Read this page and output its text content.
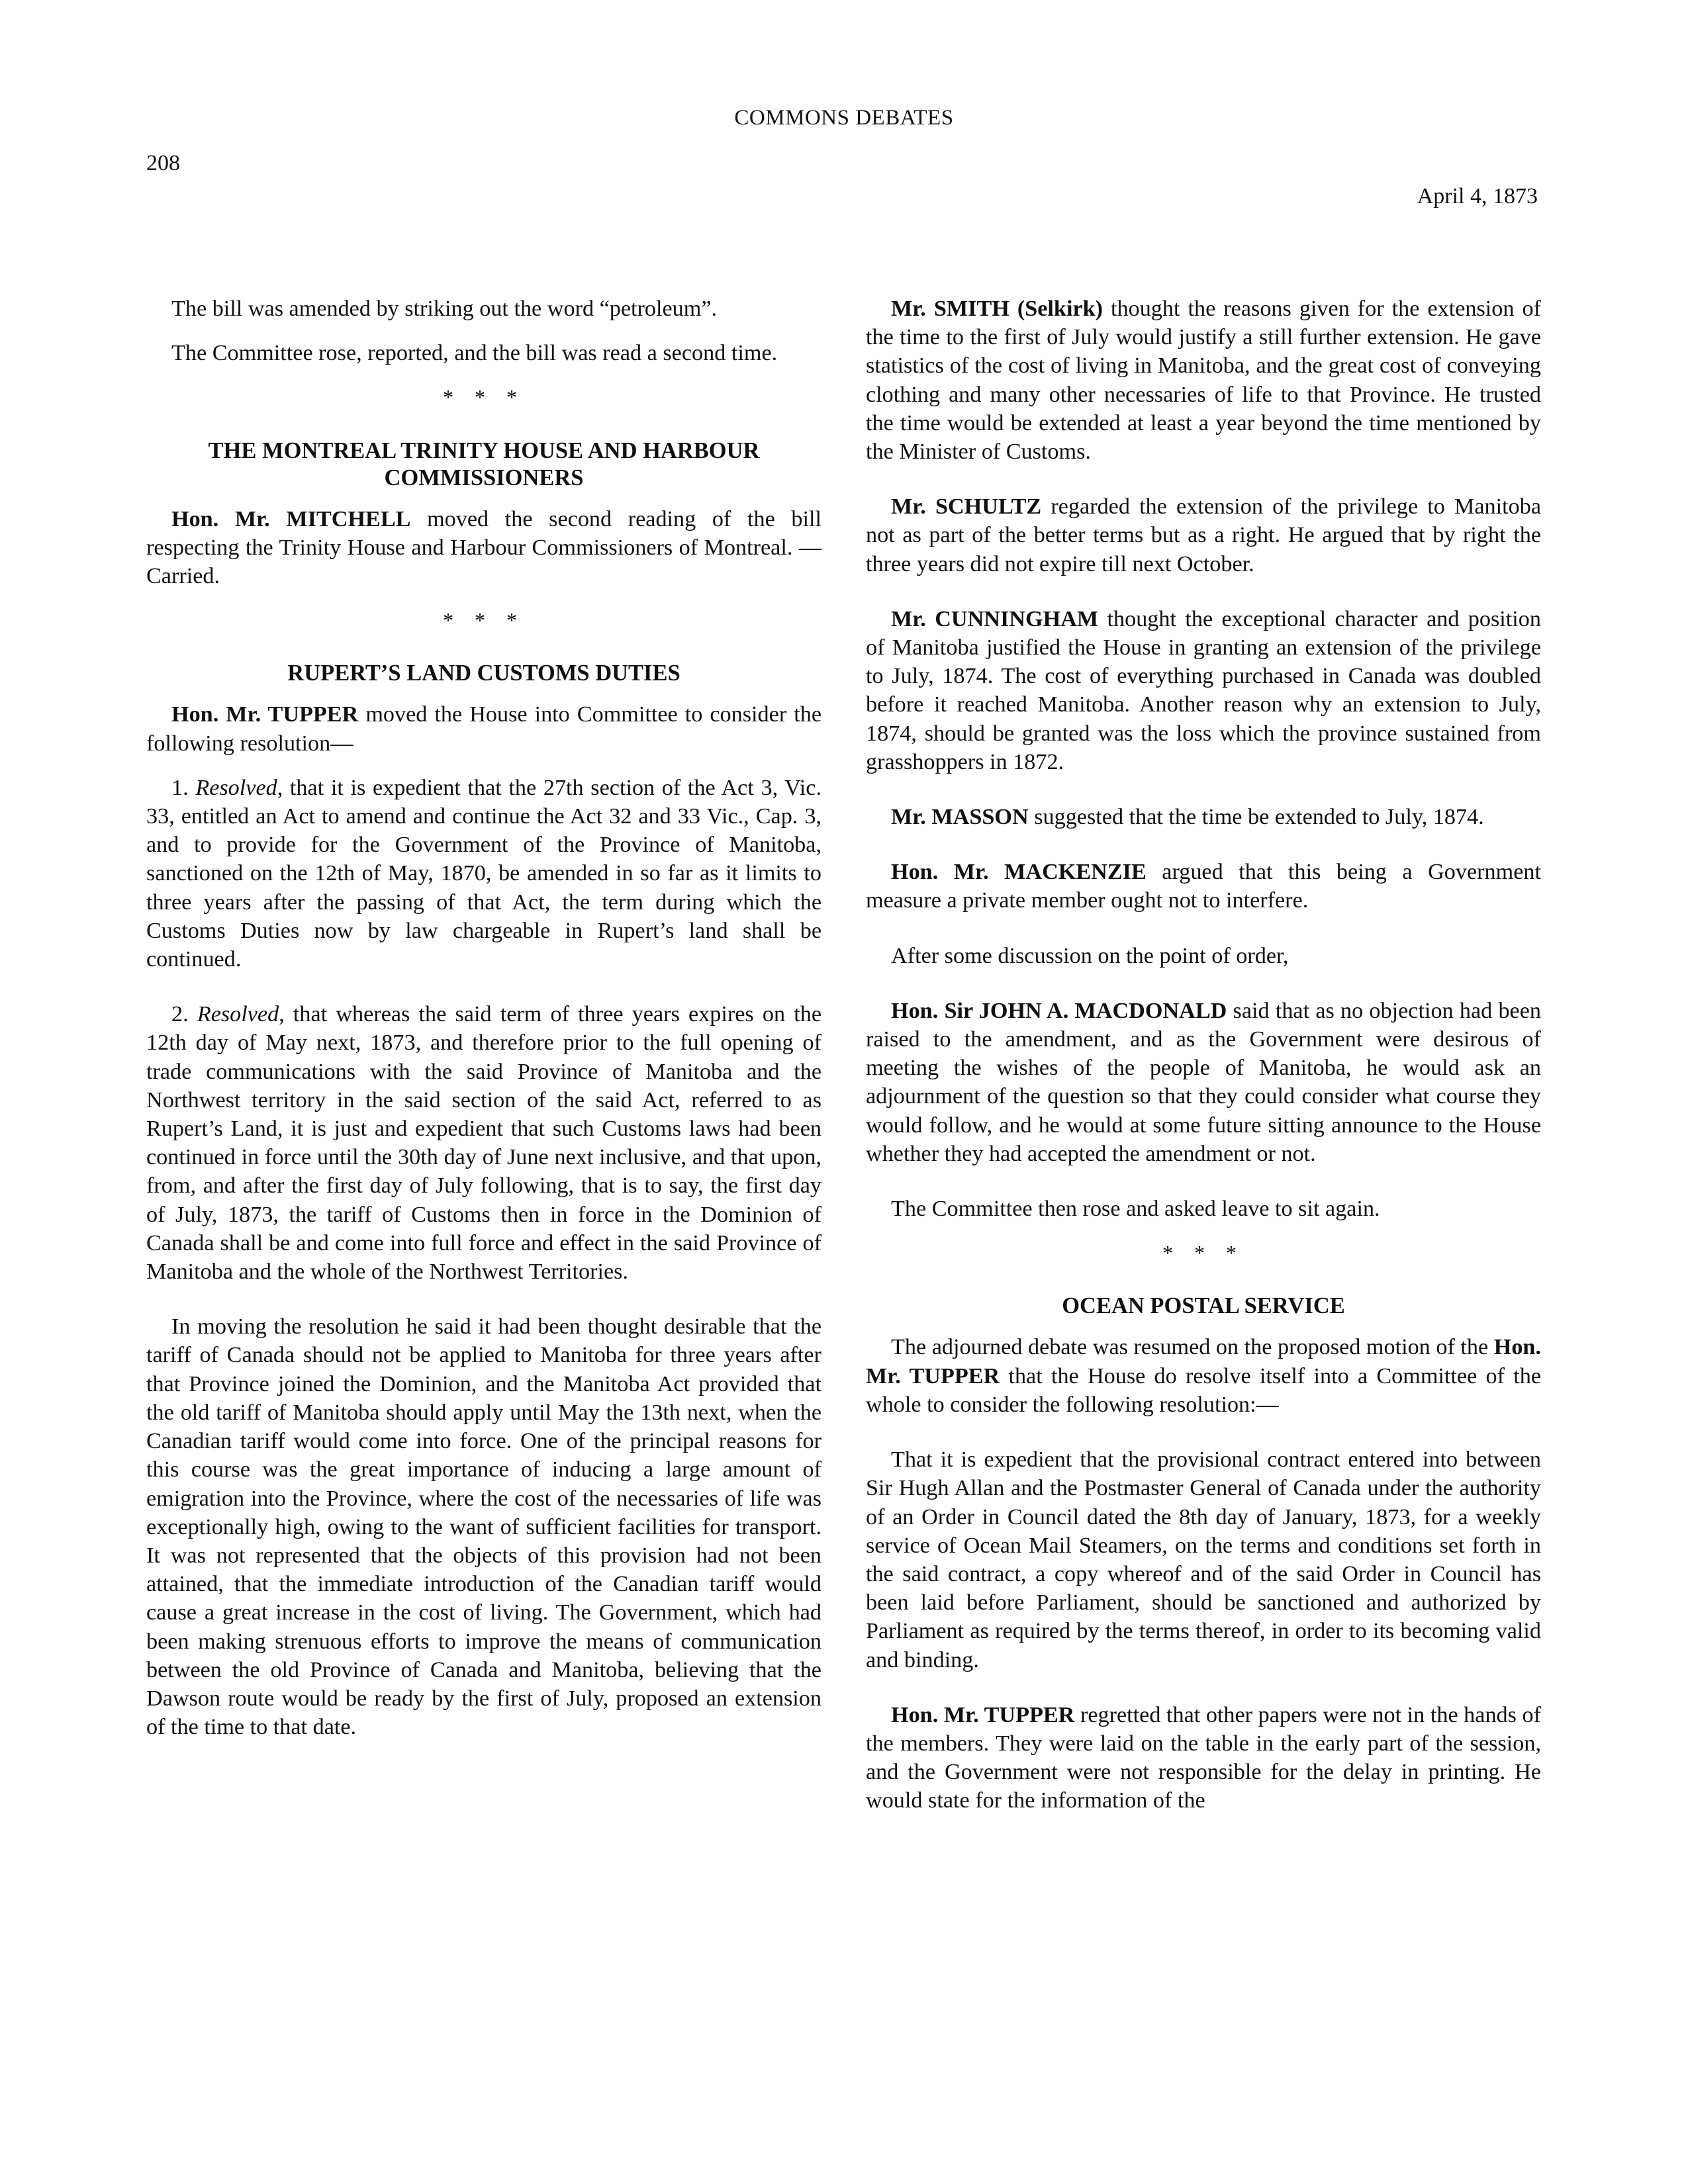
COMMONS DEBATES
208
April 4, 1873

The bill was amended by striking out the word “petroleum”.

The Committee rose, reported, and the bill was read a second time.

* * *
THE MONTREAL TRINITY HOUSE AND HARBOUR COMMISSIONERS

Hon. Mr. MITCHELL moved the second reading of the bill respecting the Trinity House and Harbour Commissioners of Montreal. —Carried.

* * *
RUPERT’S LAND CUSTOMS DUTIES

Hon. Mr. TUPPER moved the House into Committee to consider the following resolution—

1. Resolved, that it is expedient that the 27th section of the Act 3, Vic. 33, entitled an Act to amend and continue the Act 32 and 33 Vic., Cap. 3, and to provide for the Government of the Province of Manitoba, sanctioned on the 12th of May, 1870, be amended in so far as it limits to three years after the passing of that Act, the term during which the Customs Duties now by law chargeable in Rupert’s land shall be continued.

2. Resolved, that whereas the said term of three years expires on the 12th day of May next, 1873, and therefore prior to the full opening of trade communications with the said Province of Manitoba and the Northwest territory in the said section of the said Act, referred to as Rupert’s Land, it is just and expedient that such Customs laws had been continued in force until the 30th day of June next inclusive, and that upon, from, and after the first day of July following, that is to say, the first day of July, 1873, the tariff of Customs then in force in the Dominion of Canada shall be and come into full force and effect in the said Province of Manitoba and the whole of the Northwest Territories.

In moving the resolution he said it had been thought desirable that the tariff of Canada should not be applied to Manitoba for three years after that Province joined the Dominion, and the Manitoba Act provided that the old tariff of Manitoba should apply until May the 13th next, when the Canadian tariff would come into force. One of the principal reasons for this course was the great importance of inducing a large amount of emigration into the Province, where the cost of the necessaries of life was exceptionally high, owing to the want of sufficient facilities for transport. It was not represented that the objects of this provision had not been attained, that the immediate introduction of the Canadian tariff would cause a great increase in the cost of living. The Government, which had been making strenuous efforts to improve the means of communication between the old Province of Canada and Manitoba, believing that the Dawson route would be ready by the first of July, proposed an extension of the time to that date.

Mr. SMITH (Selkirk) thought the reasons given for the extension of the time to the first of July would justify a still further extension. He gave statistics of the cost of living in Manitoba, and the great cost of conveying clothing and many other necessaries of life to that Province. He trusted the time would be extended at least a year beyond the time mentioned by the Minister of Customs.

Mr. SCHULTZ regarded the extension of the privilege to Manitoba not as part of the better terms but as a right. He argued that by right the three years did not expire till next October.

Mr. CUNNINGHAM thought the exceptional character and position of Manitoba justified the House in granting an extension of the privilege to July, 1874. The cost of everything purchased in Canada was doubled before it reached Manitoba. Another reason why an extension to July, 1874, should be granted was the loss which the province sustained from grasshoppers in 1872.

Mr. MASSON suggested that the time be extended to July, 1874.

Hon. Mr. MACKENZIE argued that this being a Government measure a private member ought not to interfere.

After some discussion on the point of order,

Hon. Sir JOHN A. MACDONALD said that as no objection had been raised to the amendment, and as the Government were desirous of meeting the wishes of the people of Manitoba, he would ask an adjournment of the question so that they could consider what course they would follow, and he would at some future sitting announce to the House whether they had accepted the amendment or not.

The Committee then rose and asked leave to sit again.

* * *
OCEAN POSTAL SERVICE

The adjourned debate was resumed on the proposed motion of the Hon. Mr. TUPPER that the House do resolve itself into a Committee of the whole to consider the following resolution:—

That it is expedient that the provisional contract entered into between Sir Hugh Allan and the Postmaster General of Canada under the authority of an Order in Council dated the 8th day of January, 1873, for a weekly service of Ocean Mail Steamers, on the terms and conditions set forth in the said contract, a copy whereof and of the said Order in Council has been laid before Parliament, should be sanctioned and authorized by Parliament as required by the terms thereof, in order to its becoming valid and binding.

Hon. Mr. TUPPER regretted that other papers were not in the hands of the members. They were laid on the table in the early part of the session, and the Government were not responsible for the delay in printing. He would state for the information of the
